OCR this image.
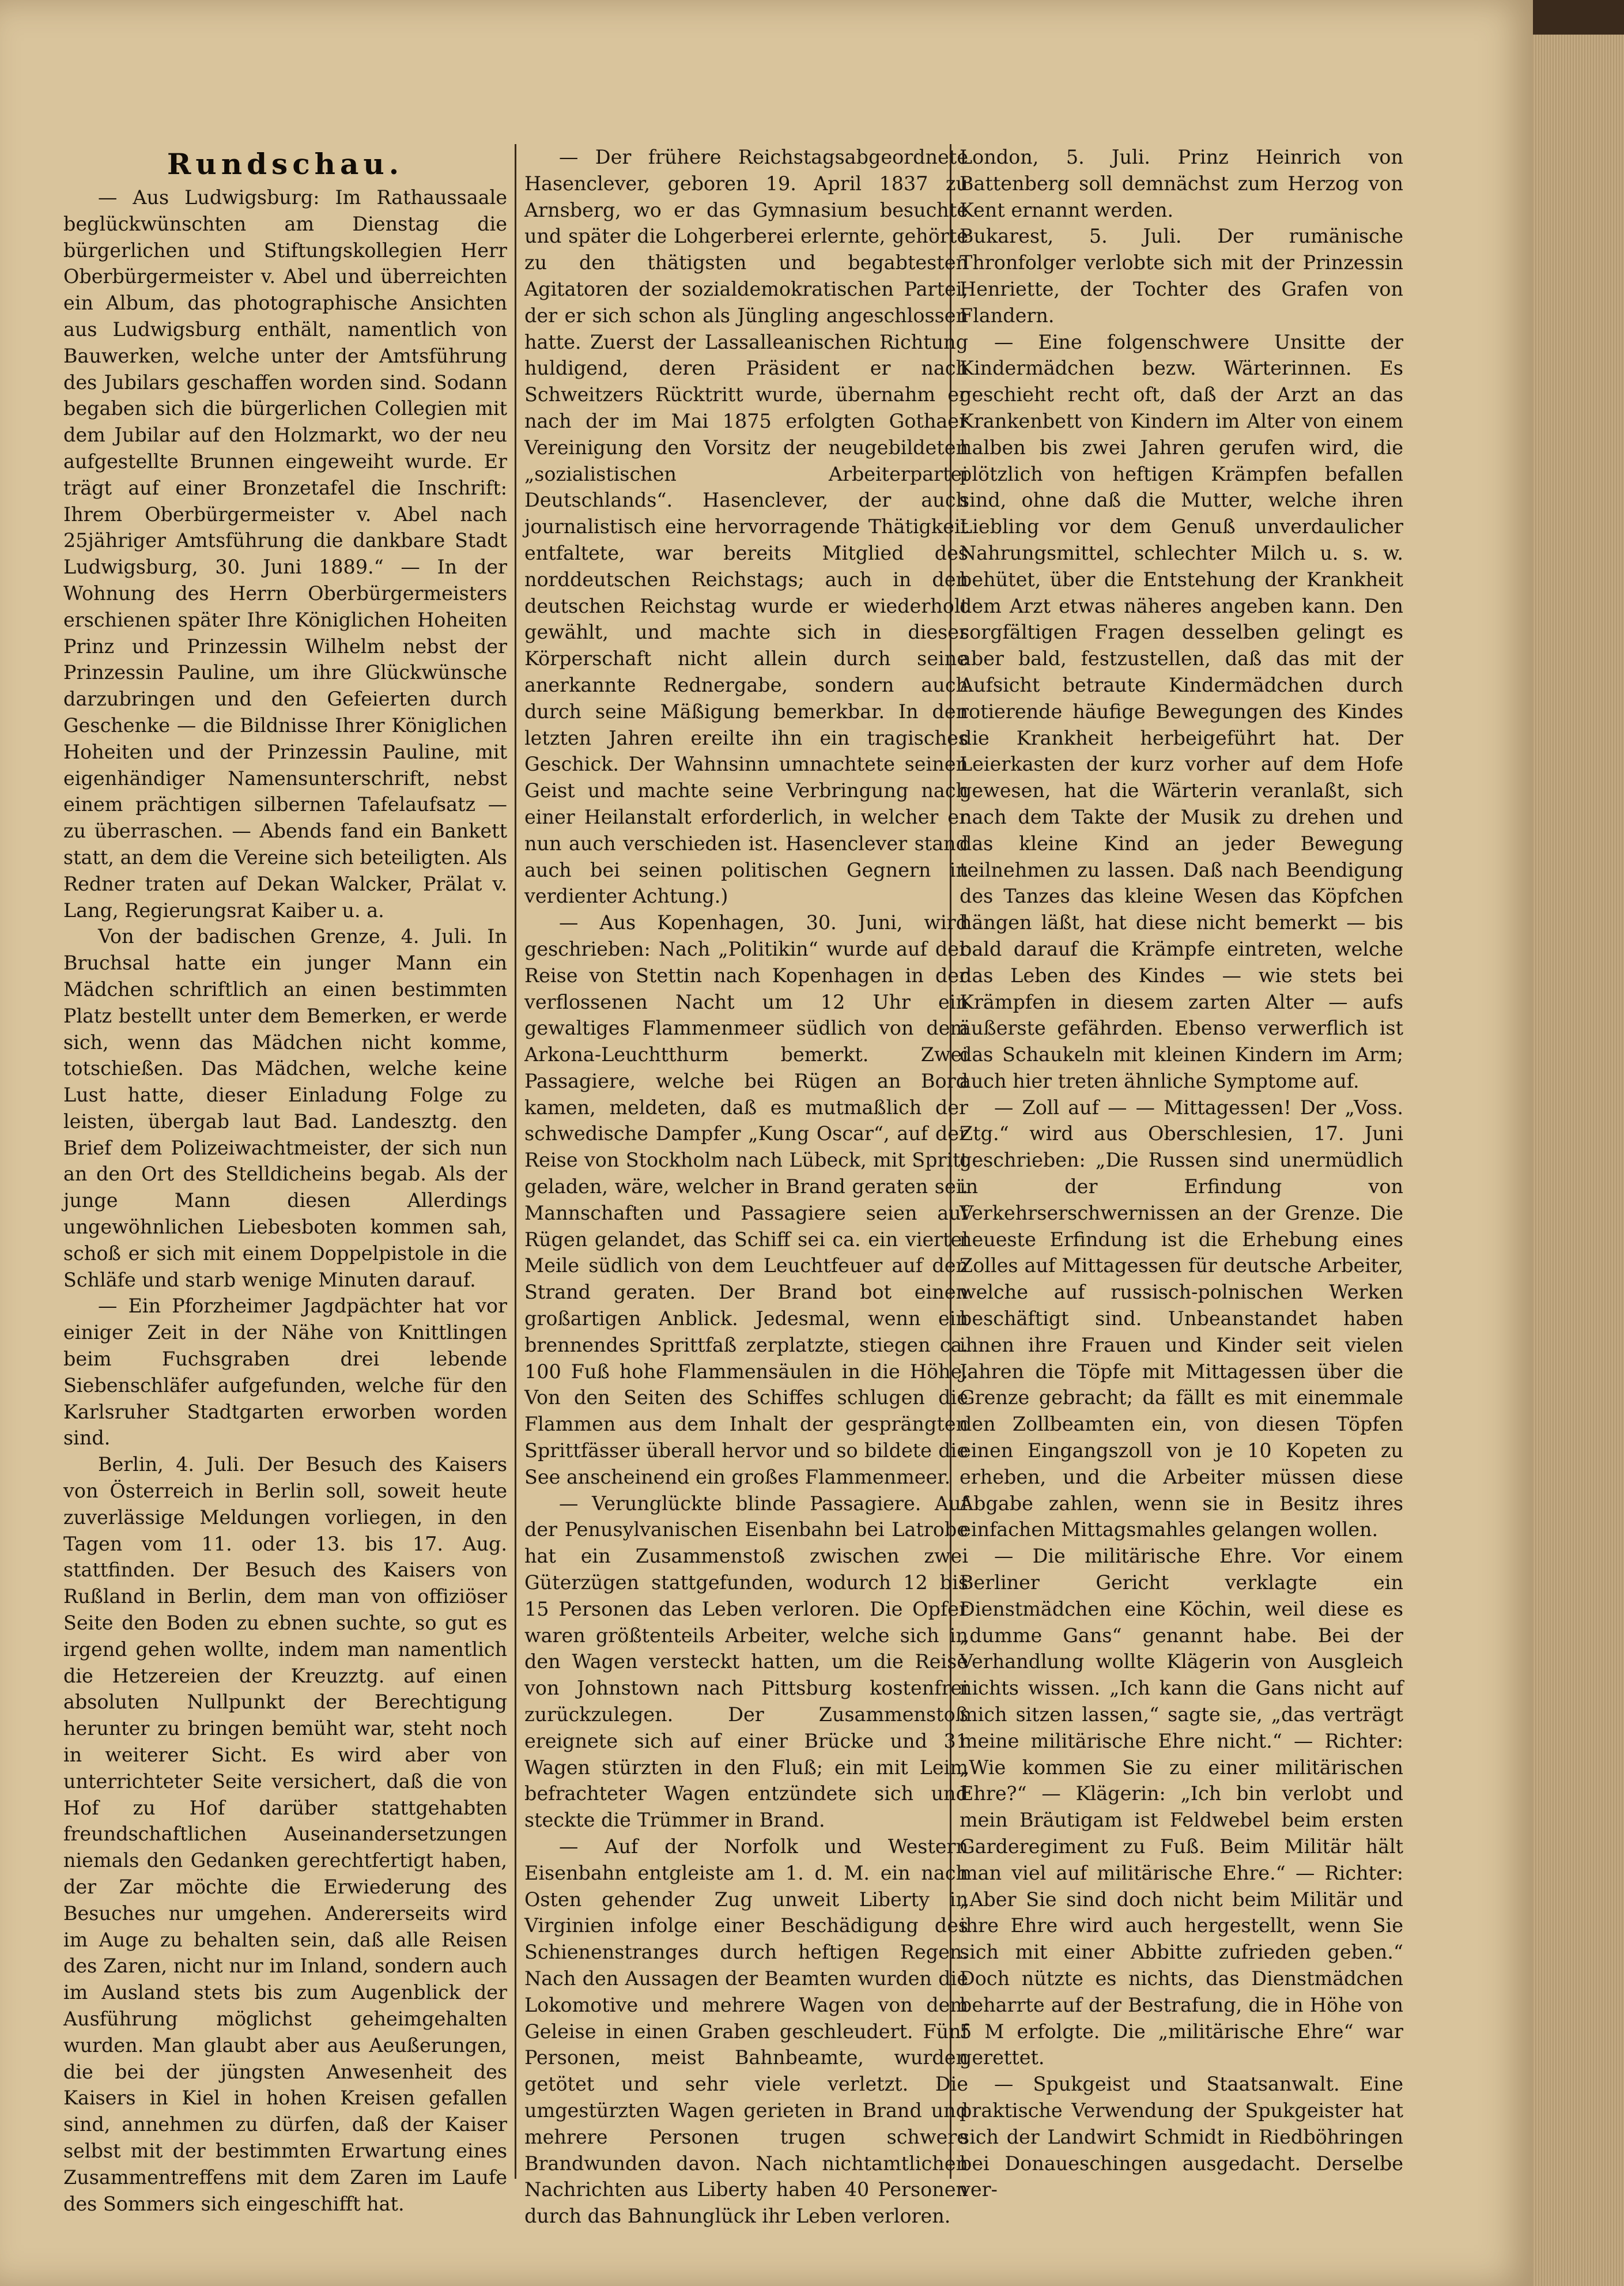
Rundschau.

— Aus Ludwigsburg: Im Rathaussaale beglückwünschten am Dienstag die bürgerlichen und Stiftungskollegien Herr Oberbürgermeister v. Abel und überreichten ein Album, das photographische Ansichten aus Ludwigsburg enthält, namentlich von Bauwerken, welche unter der Amtsführung des Jubilars geschaffen worden sind. Sodann begaben sich die bürgerlichen Collegien mit dem Jubilar auf den Holzmarkt, wo der neu aufgestellte Brunnen eingeweiht wurde. Er trägt auf einer Bronzetafel die Inschrift: Ihrem Oberbürgermeister v. Abel nach 25jähriger Amtsführung die dankbare Stadt Ludwigsburg, 30. Juni 1889.“ — In der Wohnung des Herrn Oberbürgermeisters erschienen später Ihre Königlichen Hoheiten Prinz und Prinzessin Wilhelm nebst der Prinzessin Pauline, um ihre Glückwünsche darzubringen und den Gefeierten durch Geschenke — die Bildnisse Ihrer Königlichen Hoheiten und der Prinzessin Pauline, mit eigenhändiger Namensunterschrift, nebst einem prächtigen silbernen Tafelaufsatz — zu überraschen. — Abends fand ein Bankett statt, an dem die Vereine sich beteiligten. Als Redner traten auf Dekan Walcker, Prälat v. Lang, Regierungsrat Kaiber u. a.

Von der badischen Grenze, 4. Juli. In Bruchsal hatte ein junger Mann ein Mädchen schriftlich an einen bestimmten Platz bestellt unter dem Bemerken, er werde sich, wenn das Mädchen nicht komme, totschießen. Das Mädchen, welche keine Lust hatte, dieser Einladung Folge zu leisten, übergab laut Bad. Landesztg. den Brief dem Polizeiwachtmeister, der sich nun an den Ort des Stelldicheins begab. Als der junge Mann diesen Allerdings ungewöhnlichen Liebesboten kommen sah, schoß er sich mit einem Doppelpistole in die Schläfe und starb wenige Minuten darauf.

— Ein Pforzheimer Jagdpächter hat vor einiger Zeit in der Nähe von Knittlingen beim Fuchsgraben drei lebende Siebenschläfer aufgefunden, welche für den Karlsruher Stadtgarten erworben worden sind.

Berlin, 4. Juli. Der Besuch des Kaisers von Österreich in Berlin soll, soweit heute zuverlässige Meldungen vorliegen, in den Tagen vom 11. oder 13. bis 17. Aug. stattfinden. Der Besuch des Kaisers von Rußland in Berlin, dem man von offiziöser Seite den Boden zu ebnen suchte, so gut es irgend gehen wollte, indem man namentlich die Hetzereien der Kreuzztg. auf einen absoluten Nullpunkt der Berechtigung herunter zu bringen bemüht war, steht noch in weiterer Sicht. Es wird aber von unterrichteter Seite versichert, daß die von Hof zu Hof darüber stattgehabten freundschaftlichen Auseinandersetzungen niemals den Gedanken gerechtfertigt haben, der Zar möchte die Erwiederung des Besuches nur umgehen. Andererseits wird im Auge zu behalten sein, daß alle Reisen des Zaren, nicht nur im Inland, sondern auch im Ausland stets bis zum Augenblick der Ausführung möglichst geheimgehalten wurden. Man glaubt aber aus Aeußerungen, die bei der jüngsten Anwesenheit des Kaisers in Kiel in hohen Kreisen gefallen sind, annehmen zu dürfen, daß der Kaiser selbst mit der bestimmten Erwartung eines Zusammentreffens mit dem Zaren im Laufe des Sommers sich eingeschifft hat.

— Der frühere Reichstagsabgeordnete Hasenclever, geboren 19. April 1837 zu Arnsberg, wo er das Gymnasium besuchte und später die Lohgerberei erlernte, gehörte zu den thätigsten und begabtesten Agitatoren der sozialdemokratischen Partei, der er sich schon als Jüngling angeschlossen hatte. Zuerst der Lassalleanischen Richtung huldigend, deren Präsident er nach Schweitzers Rücktritt wurde, übernahm er nach der im Mai 1875 erfolgten Gothaer Vereinigung den Vorsitz der neugebildeten „sozialistischen Arbeiterpartei Deutschlands“. Hasenclever, der auch journalistisch eine hervorragende Thätigkeit entfaltete, war bereits Mitglied des norddeutschen Reichstags; auch in den deutschen Reichstag wurde er wiederholt gewählt, und machte sich in dieser Körperschaft nicht allein durch seine anerkannte Rednergabe, sondern auch durch seine Mäßigung bemerkbar. In den letzten Jahren ereilte ihn ein tragisches Geschick. Der Wahnsinn umnachtete seinen Geist und machte seine Verbringung nach einer Heilanstalt erforderlich, in welcher er nun auch verschieden ist. Hasenclever stand auch bei seinen politischen Gegnern in verdienter Achtung.)

— Aus Kopenhagen, 30. Juni, wird geschrieben: Nach „Politikin“ wurde auf der Reise von Stettin nach Kopenhagen in der verflossenen Nacht um 12 Uhr ein gewaltiges Flammenmeer südlich von dem Arkona-Leuchtthurm bemerkt. Zwei Passagiere, welche bei Rügen an Bord kamen, meldeten, daß es mutmaßlich der schwedische Dampfer „Kung Oscar“, auf der Reise von Stockholm nach Lübeck, mit Spritt geladen, wäre, welcher in Brand geraten sei. Mannschaften und Passagiere seien auf Rügen gelandet, das Schiff sei ca. ein viertel Meile südlich von dem Leuchtfeuer auf den Strand geraten. Der Brand bot einen großartigen Anblick. Jedesmal, wenn ein brennendes Sprittfaß zerplatzte, stiegen ca. 100 Fuß hohe Flammensäulen in die Höhe. Von den Seiten des Schiffes schlugen die Flammen aus dem Inhalt der gesprängten Sprittfässer überall hervor und so bildete die See anscheinend ein großes Flammenmeer.

— Verunglückte blinde Passagiere. Auf der Penusylvanischen Eisenbahn bei Latrobe hat ein Zusammenstoß zwischen zwei Güterzügen stattgefunden, wodurch 12 bis 15 Personen das Leben verloren. Die Opfer waren größtenteils Arbeiter, welche sich in den Wagen versteckt hatten, um die Reise von Johnstown nach Pittsburg kostenfrei zurückzulegen. Der Zusammenstoß ereignete sich auf einer Brücke und 31 Wagen stürzten in den Fluß; ein mit Leim befrachteter Wagen entzündete sich und steckte die Trümmer in Brand.

— Auf der Norfolk und Western Eisenbahn entgleiste am 1. d. M. ein nach Osten gehender Zug unweit Liberty in Virginien infolge einer Beschädigung des Schienenstranges durch heftigen Regen. Nach den Aussagen der Beamten wurden die Lokomotive und mehrere Wagen von dem Geleise in einen Graben geschleudert. Fünf Personen, meist Bahnbeamte, wurden getötet und sehr viele verletzt. Die umgestürzten Wagen gerieten in Brand und mehrere Personen trugen schwere Brandwunden davon. Nach nichtamtlichen Nachrichten aus Liberty haben 40 Personen durch das Bahnunglück ihr Leben verloren.

London, 5. Juli. Prinz Heinrich von Battenberg soll demnächst zum Herzog von Kent ernannt werden.

Bukarest, 5. Juli. Der rumänische Thronfolger verlobte sich mit der Prinzessin Henriette, der Tochter des Grafen von Flandern.

— Eine folgenschwere Unsitte der Kindermädchen bezw. Wärterinnen. Es geschieht recht oft, daß der Arzt an das Krankenbett von Kindern im Alter von einem halben bis zwei Jahren gerufen wird, die plötzlich von heftigen Krämpfen befallen sind, ohne daß die Mutter, welche ihren Liebling vor dem Genuß unverdaulicher Nahrungsmittel, schlechter Milch u. s. w. behütet, über die Entstehung der Krankheit dem Arzt etwas näheres angeben kann. Den sorgfältigen Fragen desselben gelingt es aber bald, festzustellen, daß das mit der Aufsicht betraute Kindermädchen durch rotierende häufige Bewegungen des Kindes die Krankheit herbeigeführt hat. Der Leierkasten der kurz vorher auf dem Hofe gewesen, hat die Wärterin veranlaßt, sich nach dem Takte der Musik zu drehen und das kleine Kind an jeder Bewegung teilnehmen zu lassen. Daß nach Beendigung des Tanzes das kleine Wesen das Köpfchen hängen läßt, hat diese nicht bemerkt — bis bald darauf die Krämpfe eintreten, welche das Leben des Kindes — wie stets bei Krämpfen in diesem zarten Alter — aufs äußerste gefährden. Ebenso verwerflich ist das Schaukeln mit kleinen Kindern im Arm; auch hier treten ähnliche Symptome auf.

— Zoll auf — — Mittagessen! Der „Voss. Ztg.“ wird aus Oberschlesien, 17. Juni geschrieben: „Die Russen sind unermüdlich in der Erfindung von Verkehrserschwernissen an der Grenze. Die neueste Erfindung ist die Erhebung eines Zolles auf Mittagessen für deutsche Arbeiter, welche auf russisch-polnischen Werken beschäftigt sind. Unbeanstandet haben ihnen ihre Frauen und Kinder seit vielen Jahren die Töpfe mit Mittagessen über die Grenze gebracht; da fällt es mit einemmale den Zollbeamten ein, von diesen Töpfen einen Eingangszoll von je 10 Kopeten zu erheben, und die Arbeiter müssen diese Abgabe zahlen, wenn sie in Besitz ihres einfachen Mittagsmahles gelangen wollen.

— Die militärische Ehre. Vor einem Berliner Gericht verklagte ein Dienstmädchen eine Köchin, weil diese es „dumme Gans“ genannt habe. Bei der Verhandlung wollte Klägerin von Ausgleich nichts wissen. „Ich kann die Gans nicht auf mich sitzen lassen,“ sagte sie, „das verträgt meine militärische Ehre nicht.“ — Richter: „Wie kommen Sie zu einer militärischen Ehre?“ — Klägerin: „Ich bin verlobt und mein Bräutigam ist Feldwebel beim ersten Garderegiment zu Fuß. Beim Militär hält man viel auf militärische Ehre.“ — Richter: „Aber Sie sind doch nicht beim Militär und ihre Ehre wird auch hergestellt, wenn Sie sich mit einer Abbitte zufrieden geben.“ Doch nützte es nichts, das Dienstmädchen beharrte auf der Bestrafung, die in Höhe von 5 M erfolgte. Die „militärische Ehre“ war gerettet.

— Spukgeist und Staatsanwalt. Eine praktische Verwendung der Spukgeister hat sich der Landwirt Schmidt in Riedböhringen bei Donaueschingen ausgedacht. Derselbe ver-
